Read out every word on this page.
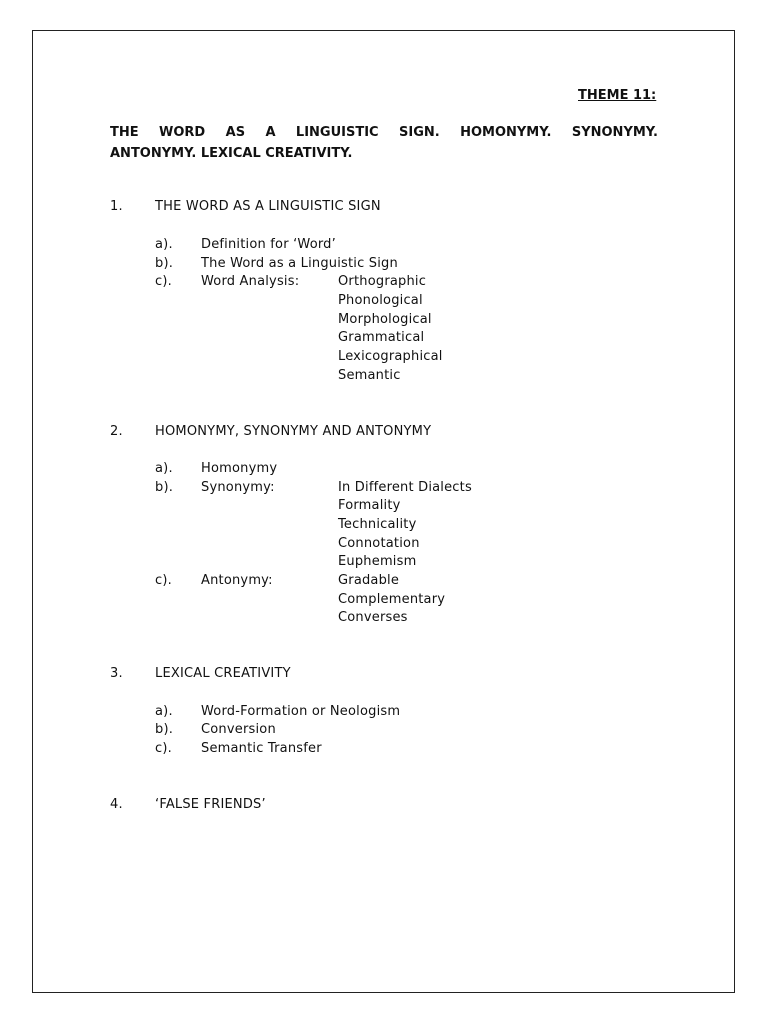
THEME 11:
THE WORD AS A LINGUISTIC SIGN. HOMONYMY. SYNONYMY.
ANTONYMY. LEXICAL CREATIVITY.
1. THE WORD AS A LINGUISTIC SIGN
a). Definition for ‘Word’
b). The Word as a Linguistic Sign
c). Word Analysis:	Orthographic
Phonological
Morphological
Grammatical
Lexicographical
Semantic
2. HOMONYMY, SYNONYMY AND ANTONYMY
a). Homonymy
b). Synonymy:	In Different Dialects
Formality
Technicality
Connotation
Euphemism
c). Antonymy:	Gradable
Complementary
Converses
3. LEXICAL CREATIVITY
a). Word-Formation or Neologism
b). Conversion
c). Semantic Transfer
4. ‘FALSE FRIENDS’
